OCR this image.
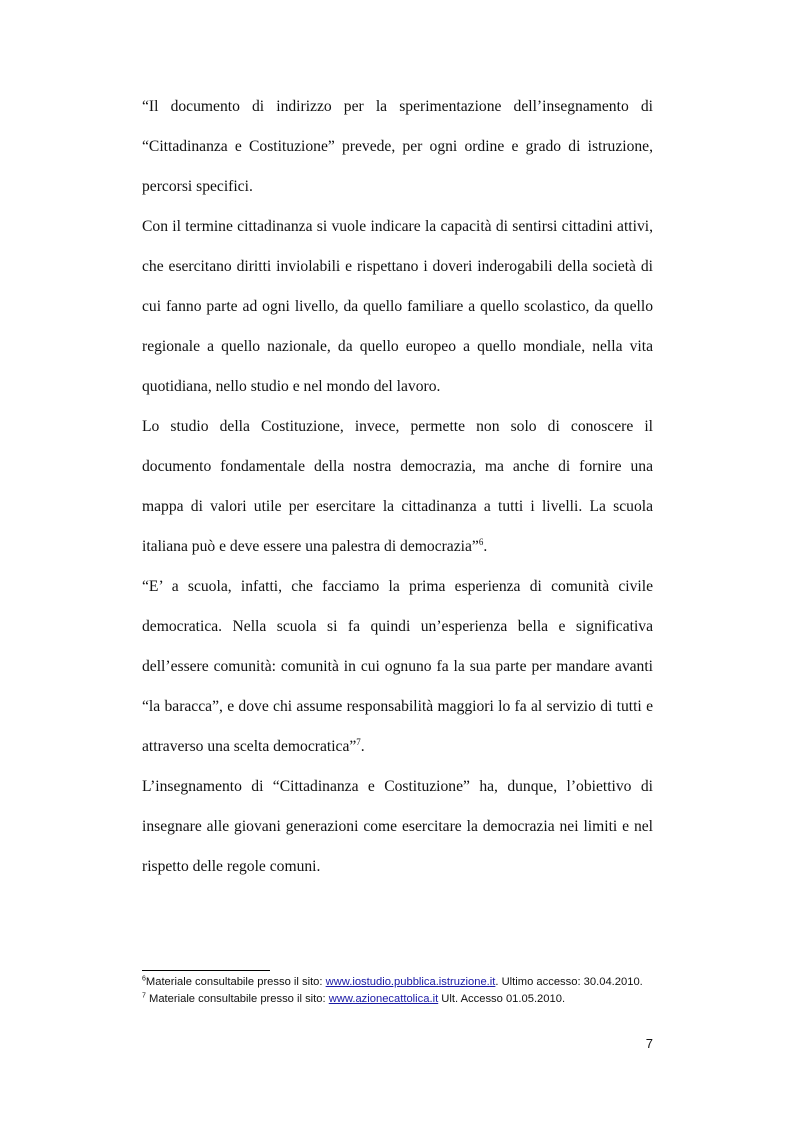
“Il documento di indirizzo per la sperimentazione dell’insegnamento di “Cittadinanza e Costituzione” prevede, per ogni ordine e grado di istruzione, percorsi specifici.

Con il termine cittadinanza si vuole indicare la capacità di sentirsi cittadini attivi, che esercitano diritti inviolabili e rispettano i doveri inderogabili della società di cui fanno parte ad ogni livello, da quello familiare a quello scolastico, da quello regionale a quello nazionale, da quello europeo a quello mondiale, nella vita quotidiana, nello studio e nel mondo del lavoro.

Lo studio della Costituzione, invece, permette non solo di conoscere il documento fondamentale della nostra democrazia, ma anche di fornire una mappa di valori utile per esercitare la cittadinanza a tutti i livelli. La scuola italiana può e deve essere una palestra di democrazia”$^6$.

“E’ a scuola, infatti, che facciamo la prima esperienza di comunità civile democratica. Nella scuola si fa quindi un’esperienza bella e significativa dell’essere comunità: comunità in cui ognuno fa la sua parte per mandare avanti “la baracca”, e dove chi assume responsabilità maggiori lo fa al servizio di tutti e attraverso una scelta democratica”$^7$.

L’insegnamento di “Cittadinanza e Costituzione” ha, dunque, l’obiettivo di insegnare alle giovani generazioni come esercitare la democrazia nei limiti e nel rispetto delle regole comuni.

$^6$Materiale consultabile presso il sito: www.iostudio.pubblica.istruzione.it. Ultimo accesso: 30.04.2010.

$^7$ Materiale consultabile presso il sito: www.azionecattolica.it Ult. Accesso 01.05.2010.

7
